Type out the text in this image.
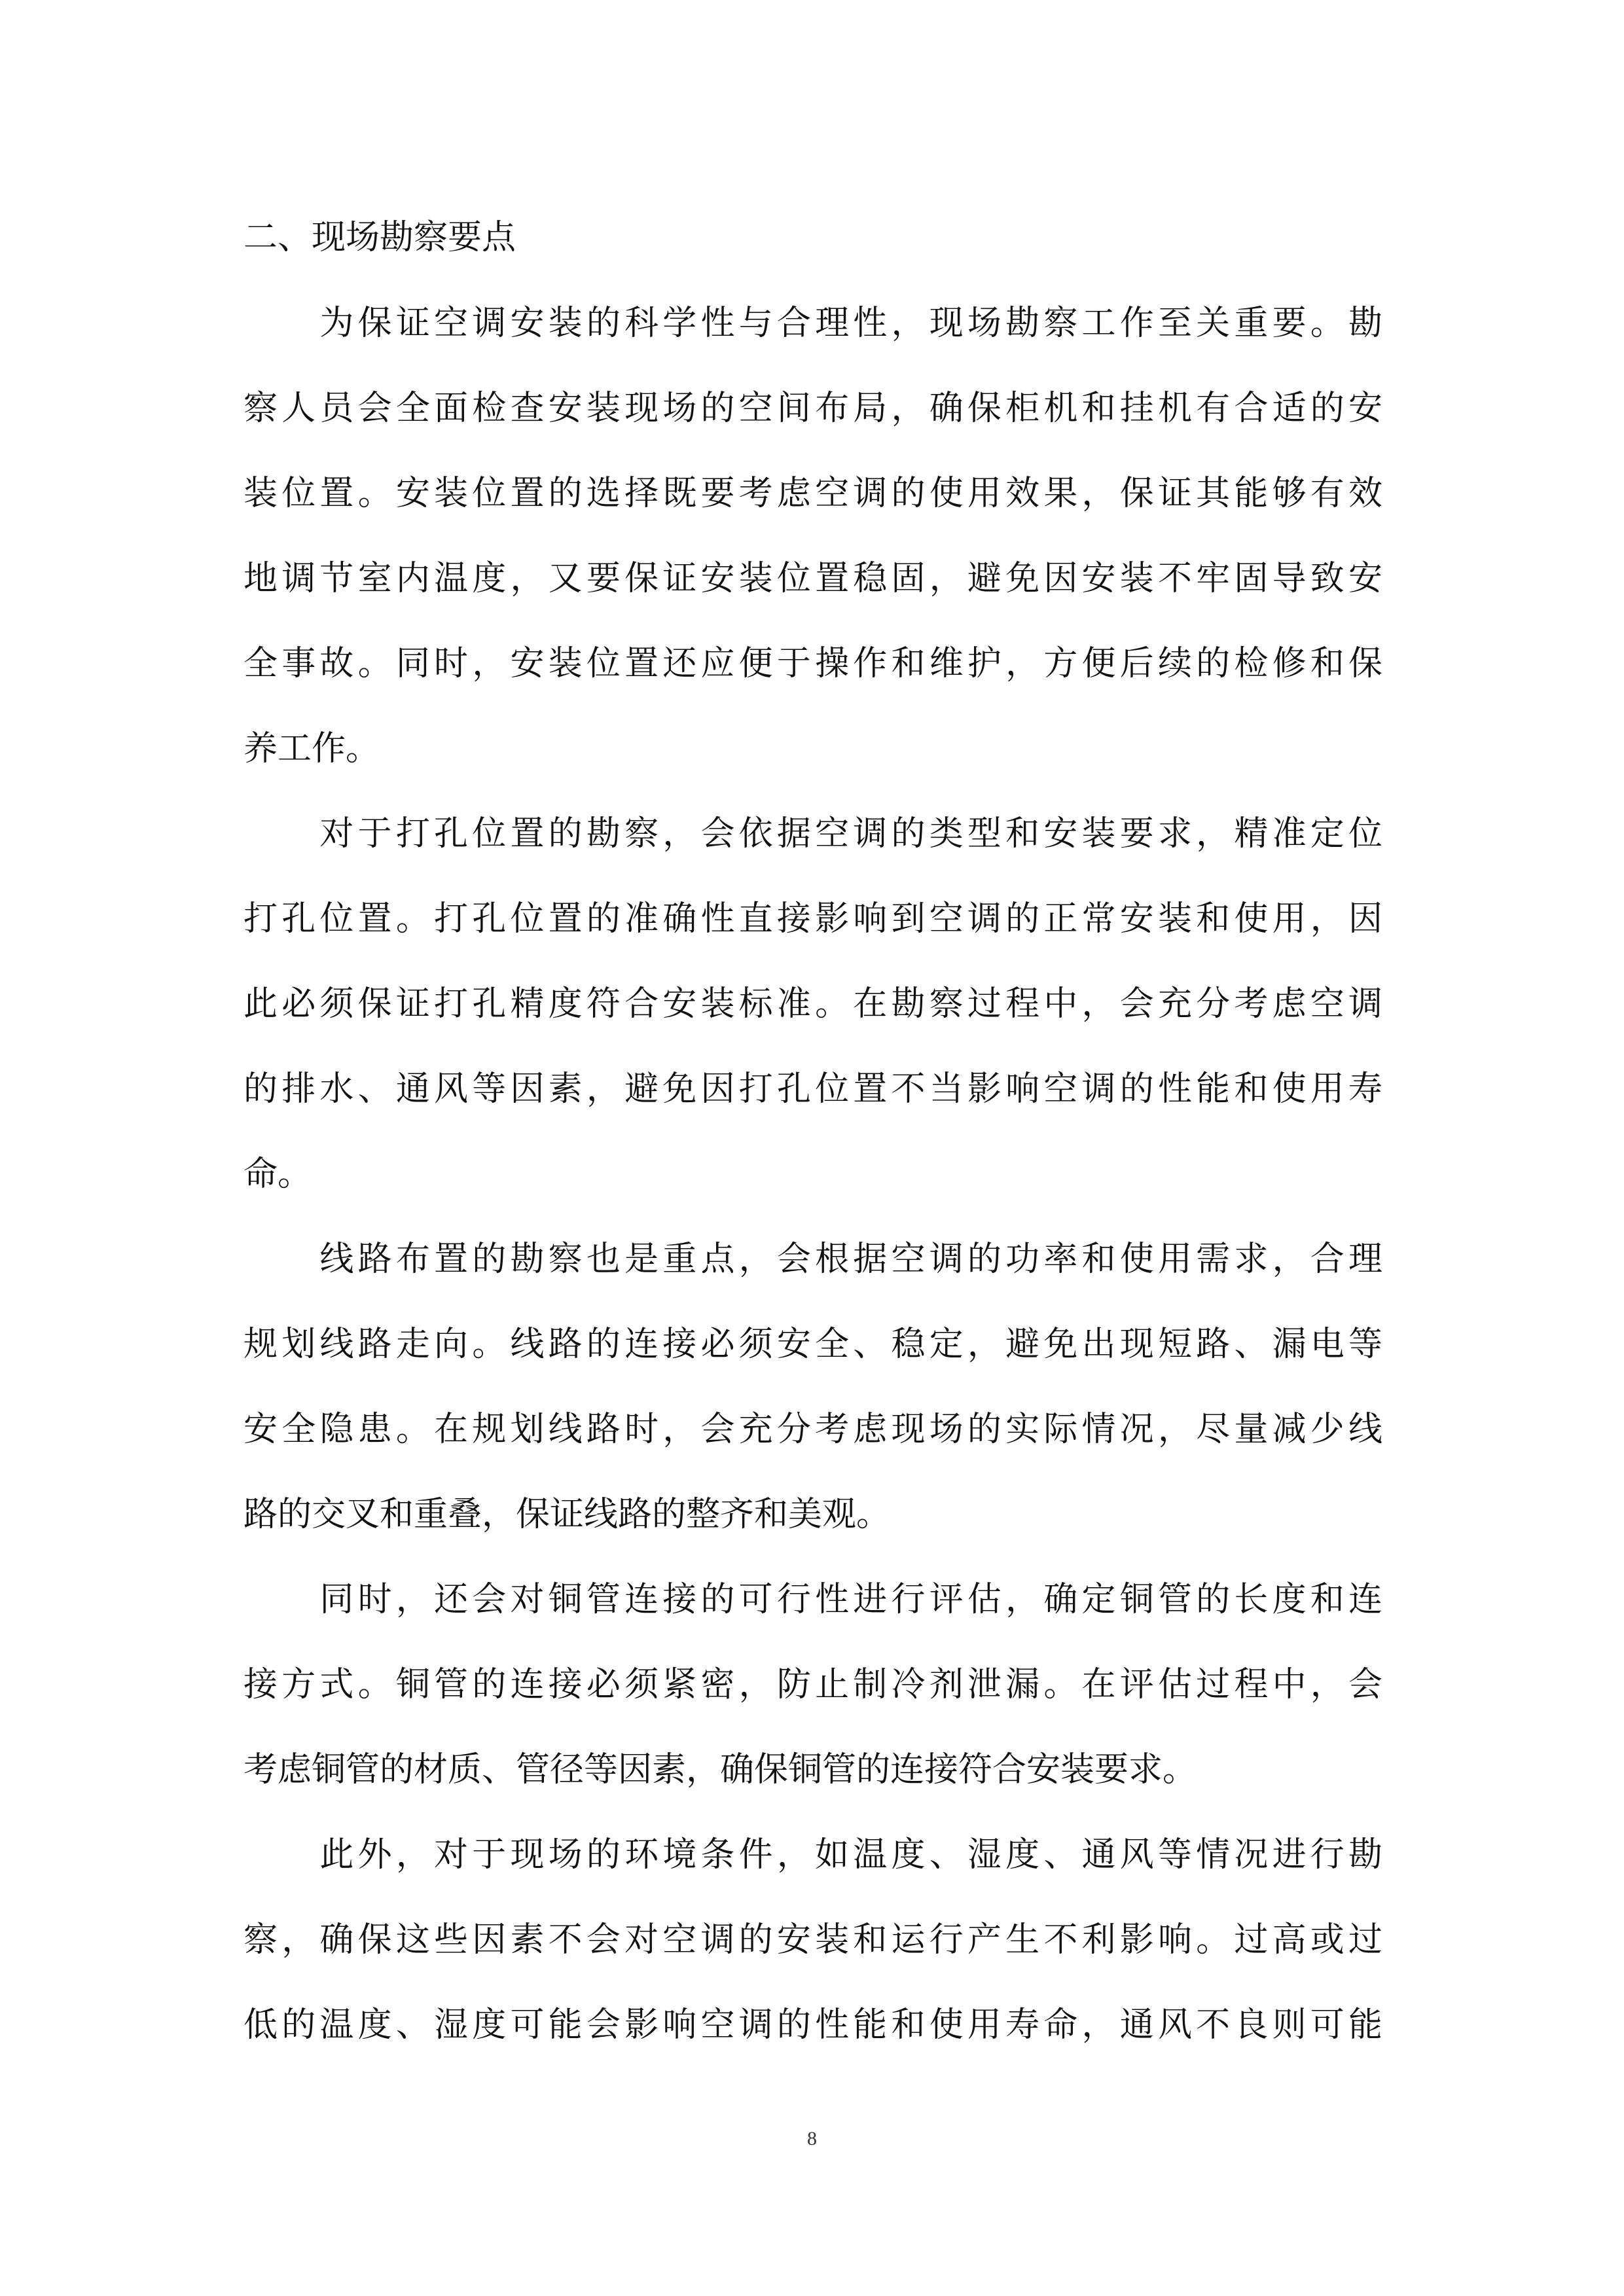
二、现场勘察要点
　　为保证空调安装的科学性与合理性，现场勘察工作至关重要。勘
察人员会全面检查安装现场的空间布局，确保柜机和挂机有合适的安
装位置。安装位置的选择既要考虑空调的使用效果，保证其能够有效
地调节室内温度，又要保证安装位置稳固，避免因安装不牢固导致安
全事故。同时，安装位置还应便于操作和维护，方便后续的检修和保
养工作。
　　对于打孔位置的勘察，会依据空调的类型和安装要求，精准定位
打孔位置。打孔位置的准确性直接影响到空调的正常安装和使用，因
此必须保证打孔精度符合安装标准。在勘察过程中，会充分考虑空调
的排水、通风等因素，避免因打孔位置不当影响空调的性能和使用寿
命。
　　线路布置的勘察也是重点，会根据空调的功率和使用需求，合理
规划线路走向。线路的连接必须安全、稳定，避免出现短路、漏电等
安全隐患。在规划线路时，会充分考虑现场的实际情况，尽量减少线
路的交叉和重叠，保证线路的整齐和美观。
　　同时，还会对铜管连接的可行性进行评估，确定铜管的长度和连
接方式。铜管的连接必须紧密，防止制冷剂泄漏。在评估过程中，会
考虑铜管的材质、管径等因素，确保铜管的连接符合安装要求。
　　此外，对于现场的环境条件，如温度、湿度、通风等情况进行勘
察，确保这些因素不会对空调的安装和运行产生不利影响。过高或过
低的温度、湿度可能会影响空调的性能和使用寿命，通风不良则可能
8
